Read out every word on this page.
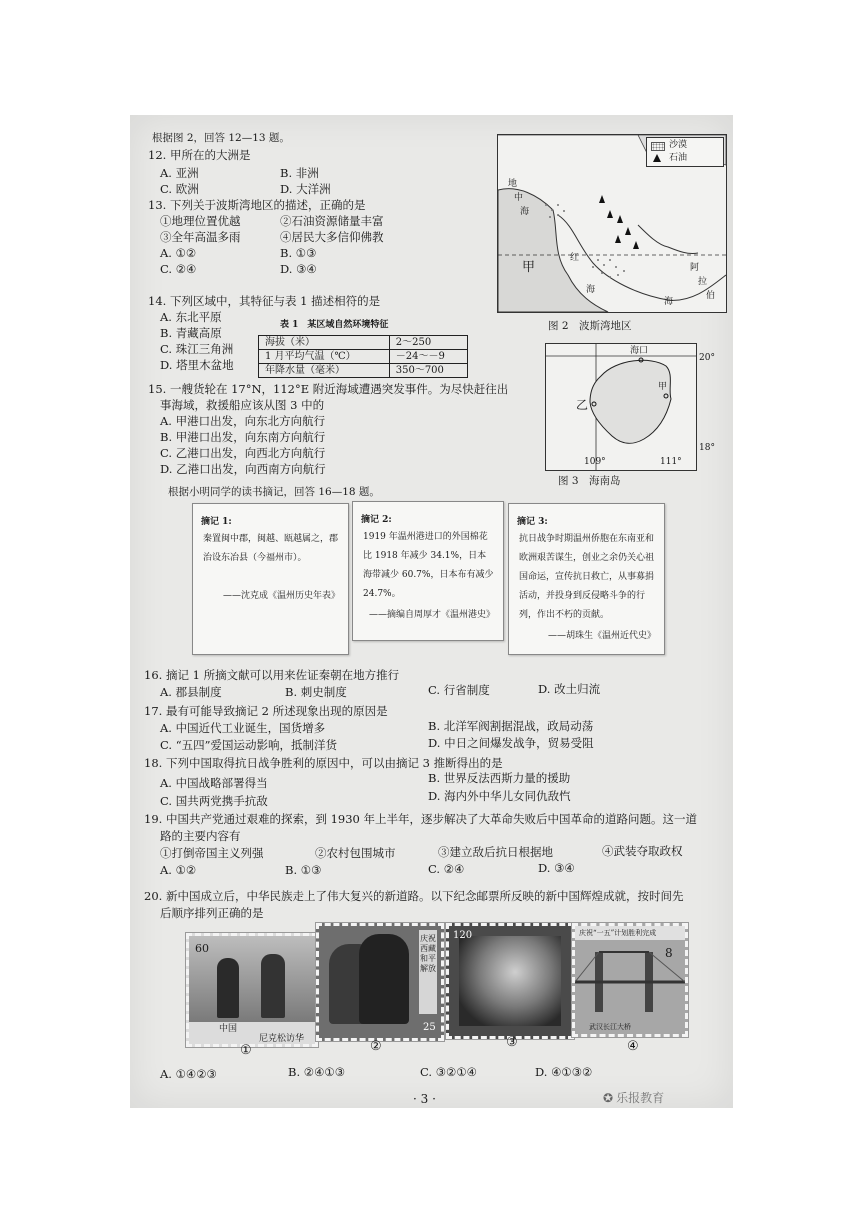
根据图 2，回答 12—13 题。
12. 甲所在的大洲是
A. 亚洲	B. 非洲
C. 欧洲	D. 大洋洲
13. 下列关于波斯湾地区的描述，正确的是
①地理位置优越	②石油资源储量丰富
③全年高温多雨	④居民大多信仰佛教
A. ①②	B. ①③
C. ②④	D. ③④
14. 下列区域中，其特征与表 1 描述相符的是
A. 东北平原
B. 青藏高原
C. 珠江三角洲
D. 塔里木盆地
表 1　某区域自然环境特征
海拔（米）	2～250
1 月平均气温（℃）	－24～－9
年降水量（毫米）	350～700
沙漠
石油
地
中
海
红
海
甲	阿
拉
伯
海
图 2　波斯湾地区
海口
甲
乙
20°
18°
109°	111°
图 3　海南岛
15. 一艘货轮在 17°N，112°E 附近海域遭遇突发事件。为尽快赶往出
事海域，救援船应该从图 3 中的
A. 甲港口出发，向东北方向航行
B. 甲港口出发，向东南方向航行
C. 乙港口出发，向西北方向航行
D. 乙港口出发，向西南方向航行
根据小明同学的读书摘记，回答 16—18 题。
摘记 1:
秦置闽中郡，闽越、瓯越属之，郡治设东冶县（今福州市）。
——沈克成《温州历史年表》
摘记 2:
1919 年温州港进口的外国棉花比 1918 年减少 34.1%，日本海带减少 60.7%，日本布有减少 24.7%。
——摘编自周厚才《温州港史》
摘记 3:
抗日战争时期温州侨胞在东南亚和欧洲艰苦谋生，创业之余仍关心祖国命运，宣传抗日救亡，从事募捐活动，并投身到反侵略斗争的行列，作出不朽的贡献。
——胡珠生《温州近代史》
16. 摘记 1 所摘文献可以用来佐证秦朝在地方推行
A. 郡县制度	B. 刺史制度	C. 行省制度	D. 改土归流
17. 最有可能导致摘记 2 所述现象出现的原因是
A. 中国近代工业诞生，国货增多	B. 北洋军阀割据混战，政局动荡
C. “五四”爱国运动影响，抵制洋货	D. 中日之间爆发战争，贸易受阻
18. 下列中国取得抗日战争胜利的原因中，可以由摘记 3 推断得出的是
B. 世界反法西斯力量的援助
A. 中国战略部署得当
D. 海内外中华儿女同仇敌忾
C. 国共两党携手抗敌
19. 中国共产党通过艰难的探索，到 1930 年上半年，逐步解决了大革命失败后中国革命的道路问题。这一道
路的主要内容有
①打倒帝国主义列强	②农村包围城市	③建立敌后抗日根据地	④武装夺取政权
A. ①②	B. ①③	C. ②④	D. ③④
20. 新中国成立后，中华民族走上了伟大复兴的新道路。以下纪念邮票所反映的新中国辉煌成就，按时间先
后顺序排列正确的是
60
中国
尼克松访华
①
庆祝西藏和平解放
25
②
120
③
庆祝“一五”计划胜利完成
8
武汉长江大桥
④
A. ①④②③	B. ②④①③	C. ③②①④	D. ④①③②
· 3 ·	✪ 乐报教育
